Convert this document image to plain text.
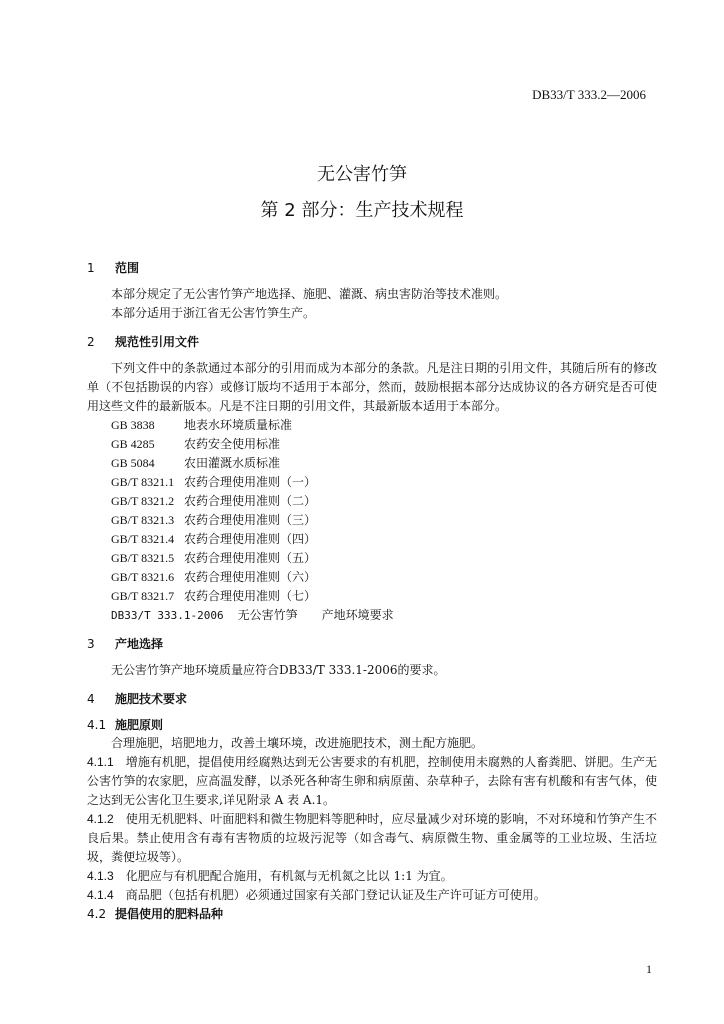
DB33/T 333.2—2006
无公害竹笋
第 2 部分：生产技术规程

1 范围

本部分规定了无公害竹笋产地选择、施肥、灌溉、病虫害防治等技术准则。

本部分适用于浙江省无公害竹笋生产。

2 规范性引用文件

下列文件中的条款通过本部分的引用而成为本部分的条款。凡是注日期的引用文件，其随后所有的修改单（不包括勘误的内容）或修订版均不适用于本部分，然而，鼓励根据本部分达成协议的各方研究是否可使用这些文件的最新版本。凡是不注日期的引用文件，其最新版本适用于本部分。

GB 3838 地表水环境质量标准

GB 4285 农药安全使用标准

GB 5084 农田灌溉水质标准

GB/T 8321.1 农药合理使用准则（一）

GB/T 8321.2 农药合理使用准则（二）

GB/T 8321.3 农药合理使用准则（三）

GB/T 8321.4 农药合理使用准则（四）

GB/T 8321.5 农药合理使用准则（五）

GB/T 8321.6 农药合理使用准则（六）

GB/T 8321.7 农药合理使用准则（七）

DB33/T 333.1-2006 无公害竹笋　　产地环境要求

3 产地选择

无公害竹笋产地环境质量应符合DB33/T 333.1-2006的要求。

4 施肥技术要求

4.1 施肥原则

合理施肥，培肥地力，改善土壤环境，改进施肥技术，测土配方施肥。

4.1.1 增施有机肥，提倡使用经腐熟达到无公害要求的有机肥，控制使用未腐熟的人畜粪肥、饼肥。生产无公害竹笋的农家肥，应高温发酵，以杀死各种寄生卵和病原菌、杂草种子，去除有害有机酸和有害气体，使之达到无公害化卫生要求,详见附录 A 表 A.1。

4.1.2 使用无机肥料、叶面肥料和微生物肥料等肥种时，应尽量减少对环境的影响，不对环境和竹笋产生不良后果。禁止使用含有毒有害物质的垃圾污泥等（如含毒气、病原微生物、重金属等的工业垃圾、生活垃圾，粪便垃圾等）。

4.1.3 化肥应与有机肥配合施用，有机氮与无机氮之比以 1:1 为宜。

4.1.4 商品肥（包括有机肥）必须通过国家有关部门登记认证及生产许可证方可使用。

4.2 提倡使用的肥料品种

1
